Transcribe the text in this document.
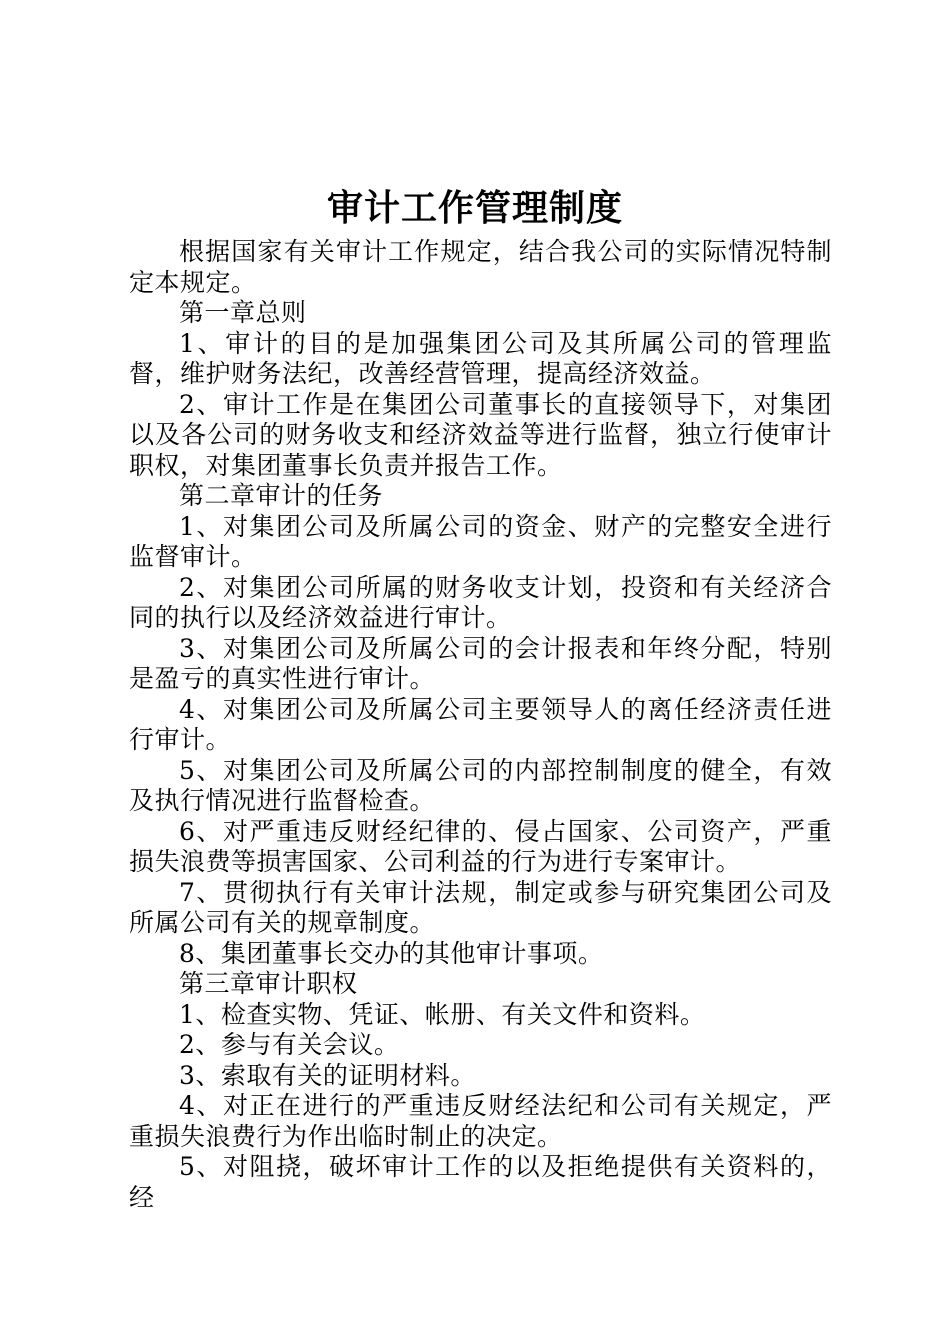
审计工作管理制度

根据国家有关审计工作规定，结合我公司的实际情况特制定本规定。

第一章总则

1、审计的目的是加强集团公司及其所属公司的管理监督，维护财务法纪，改善经营管理，提高经济效益。

2、审计工作是在集团公司董事长的直接领导下，对集团以及各公司的财务收支和经济效益等进行监督，独立行使审计职权，对集团董事长负责并报告工作。

第二章审计的任务

1、对集团公司及所属公司的资金、财产的完整安全进行监督审计。

2、对集团公司所属的财务收支计划，投资和有关经济合同的执行以及经济效益进行审计。

3、对集团公司及所属公司的会计报表和年终分配，特别是盈亏的真实性进行审计。

4、对集团公司及所属公司主要领导人的离任经济责任进行审计。

5、对集团公司及所属公司的内部控制制度的健全，有效及执行情况进行监督检查。

6、对严重违反财经纪律的、侵占国家、公司资产，严重损失浪费等损害国家、公司利益的行为进行专案审计。

7、贯彻执行有关审计法规，制定或参与研究集团公司及所属公司有关的规章制度。

8、集团董事长交办的其他审计事项。

第三章审计职权

1、检查实物、凭证、帐册、有关文件和资料。

2、参与有关会议。

3、索取有关的证明材料。

4、对正在进行的严重违反财经法纪和公司有关规定，严重损失浪费行为作出临时制止的决定。

5、对阻挠，破坏审计工作的以及拒绝提供有关资料的，经
